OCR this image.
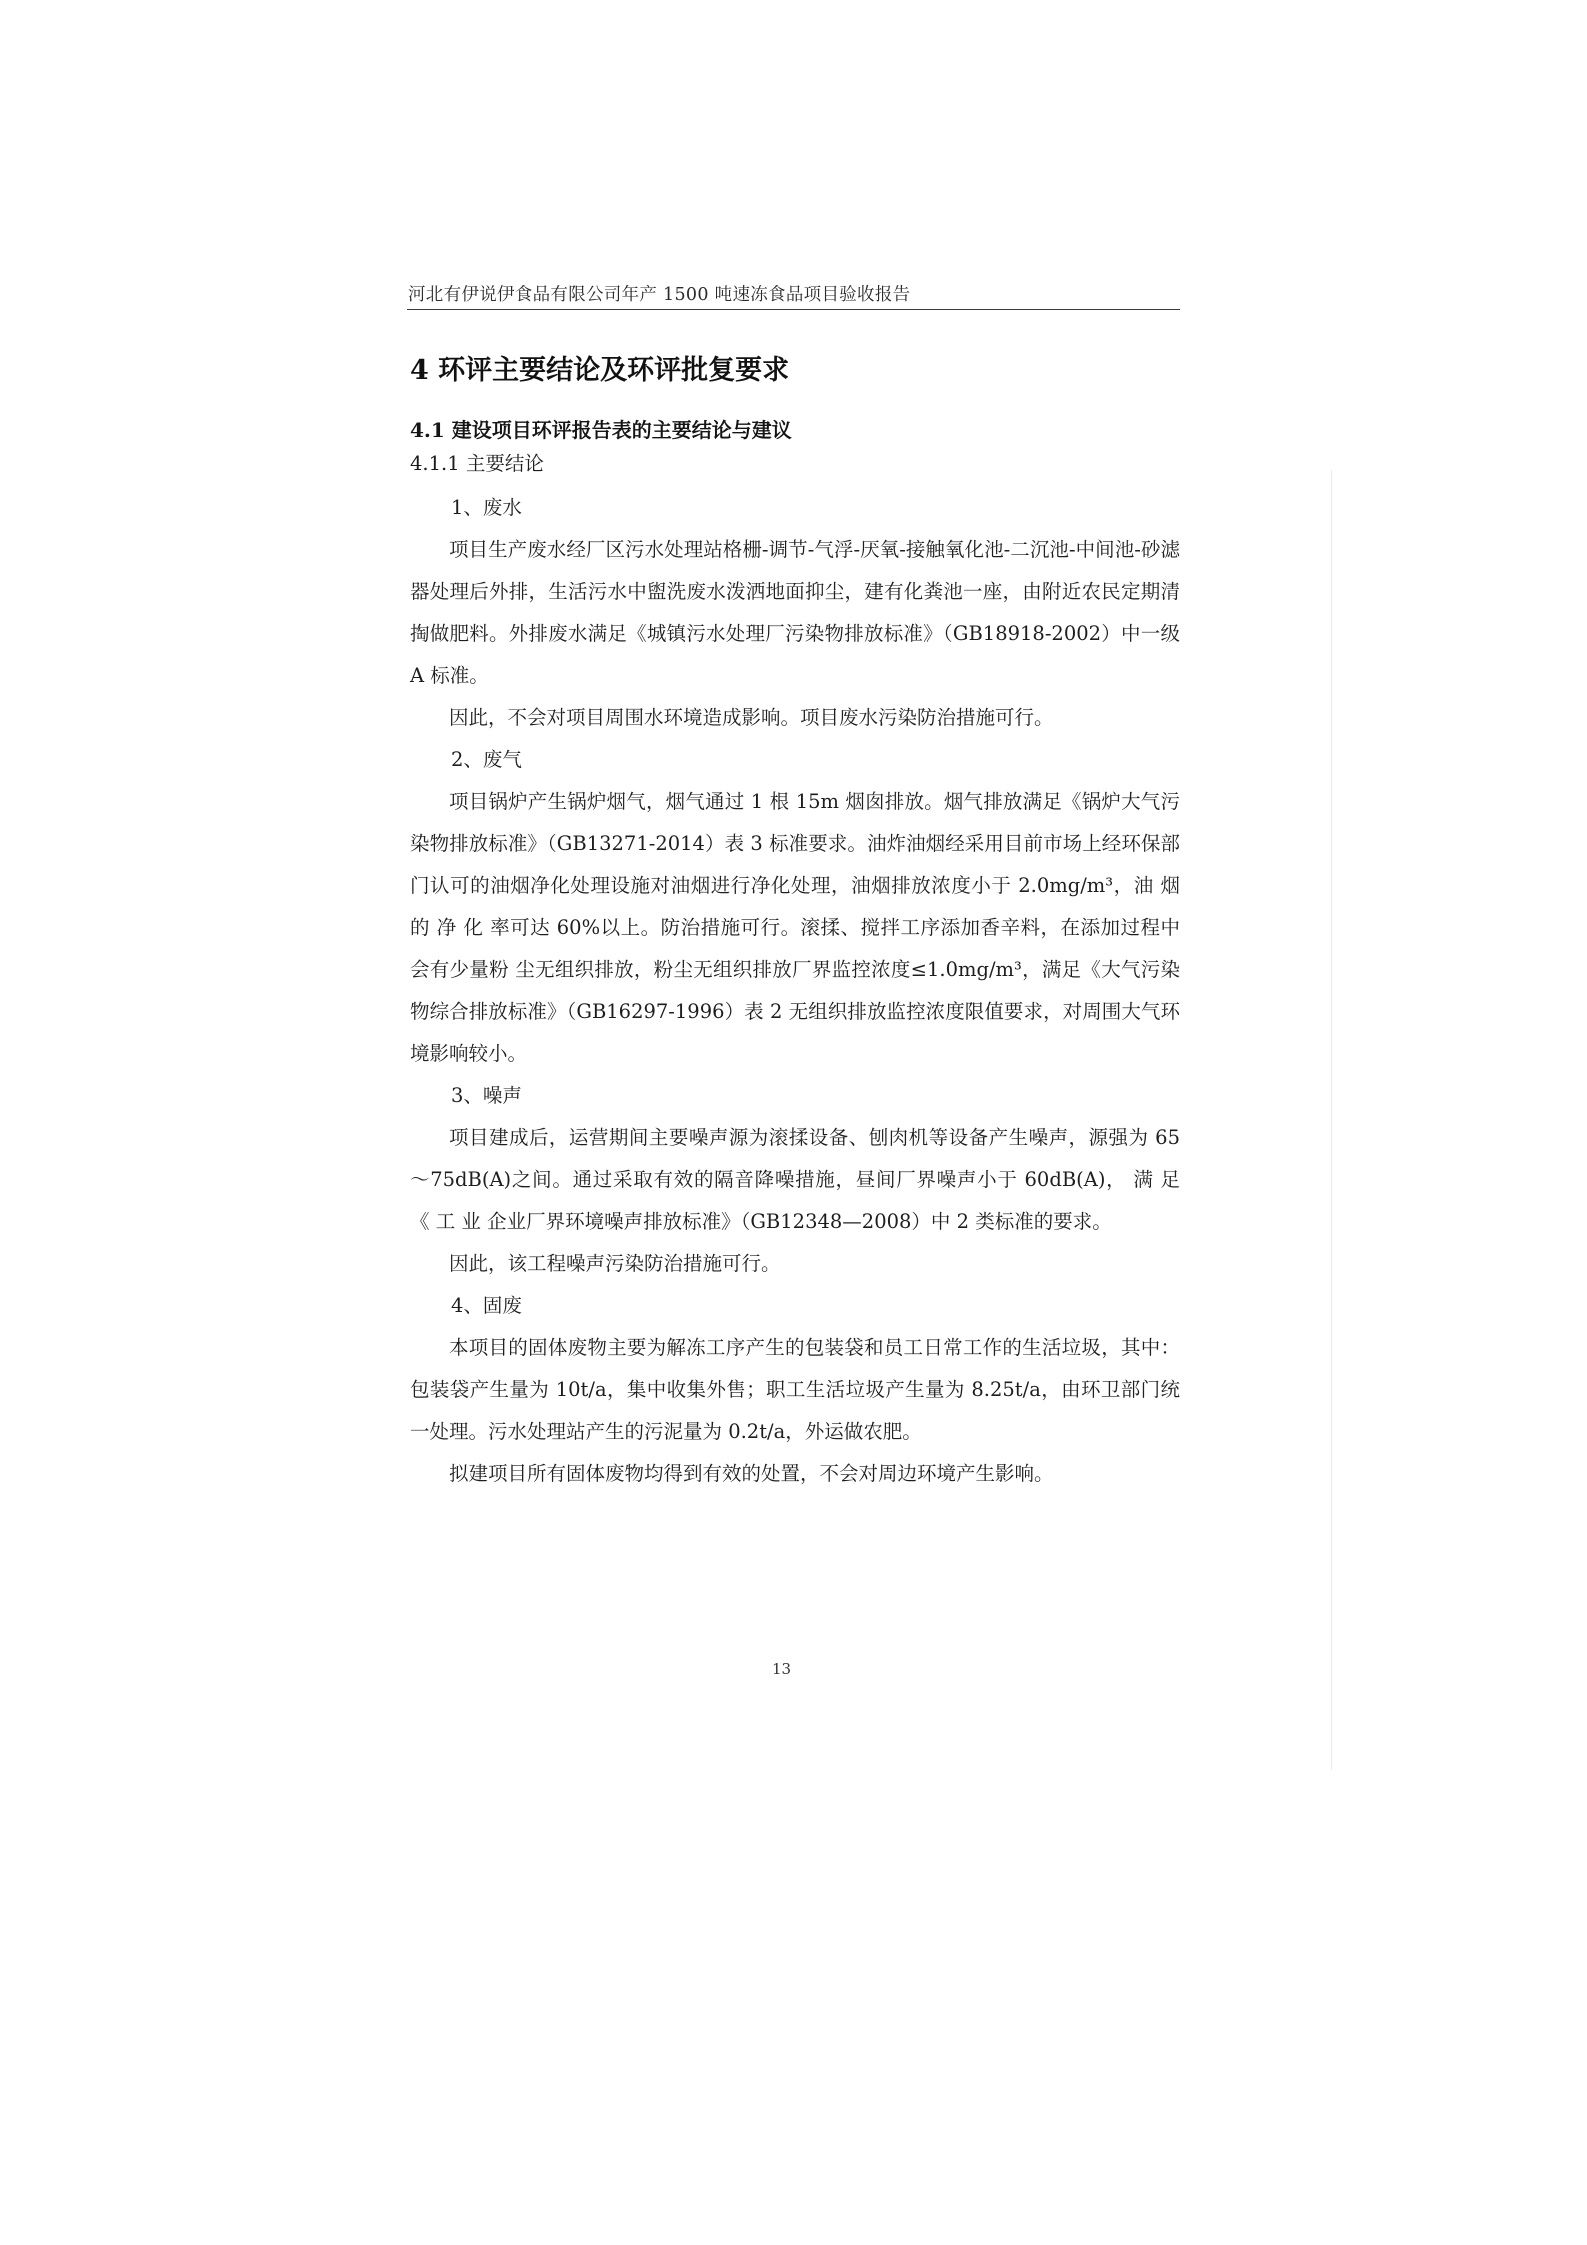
河北有伊说伊食品有限公司年产 1500 吨速冻食品项目验收报告
4 环评主要结论及环评批复要求
4.1 建设项目环评报告表的主要结论与建议
4.1.1 主要结论

1、废水

项目生产废水经厂区污水处理站格栅-调节-气浮-厌氧-接触氧化池-二沉池-中间池-砂滤器处理后外排，生活污水中盥洗废水泼洒地面抑尘，建有化粪池一座，由附近农民定期清掏做肥料。外排废水满足《城镇污水处理厂污染物排放标准》（GB18918-2002）中一级 A 标准。

因此，不会对项目周围水环境造成影响。项目废水污染防治措施可行。

2、废气

项目锅炉产生锅炉烟气，烟气通过 1 根 15m 烟囱排放。烟气排放满足《锅炉大气污染物排放标准》（GB13271-2014）表 3 标准要求。油炸油烟经采用目前市场上经环保部门认可的油烟净化处理设施对油烟进行净化处理，油烟排放浓度小于 2.0mg/m³，油 烟 的 净 化 率可达 60%以上。防治措施可行。滚揉、搅拌工序添加香辛料，在添加过程中会有少量粉 尘无组织排放，粉尘无组织排放厂界监控浓度≤1.0mg/m³，满足《大气污染物综合排放标准》（GB16297-1996）表 2 无组织排放监控浓度限值要求，对周围大气环境影响较小。

3、噪声

项目建成后，运营期间主要噪声源为滚揉设备、刨肉机等设备产生噪声，源强为 65～75dB(A)之间。通过采取有效的隔音降噪措施，昼间厂界噪声小于 60dB(A)， 满 足 《 工 业 企业厂界环境噪声排放标准》（GB12348—2008）中 2 类标准的要求。

因此，该工程噪声污染防治措施可行。

4、固废

本项目的固体废物主要为解冻工序产生的包装袋和员工日常工作的生活垃圾，其中：包装袋产生量为 10t/a，集中收集外售；职工生活垃圾产生量为 8.25t/a，由环卫部门统一处理。污水处理站产生的污泥量为 0.2t/a，外运做农肥。

拟建项目所有固体废物均得到有效的处置，不会对周边环境产生影响。

13
